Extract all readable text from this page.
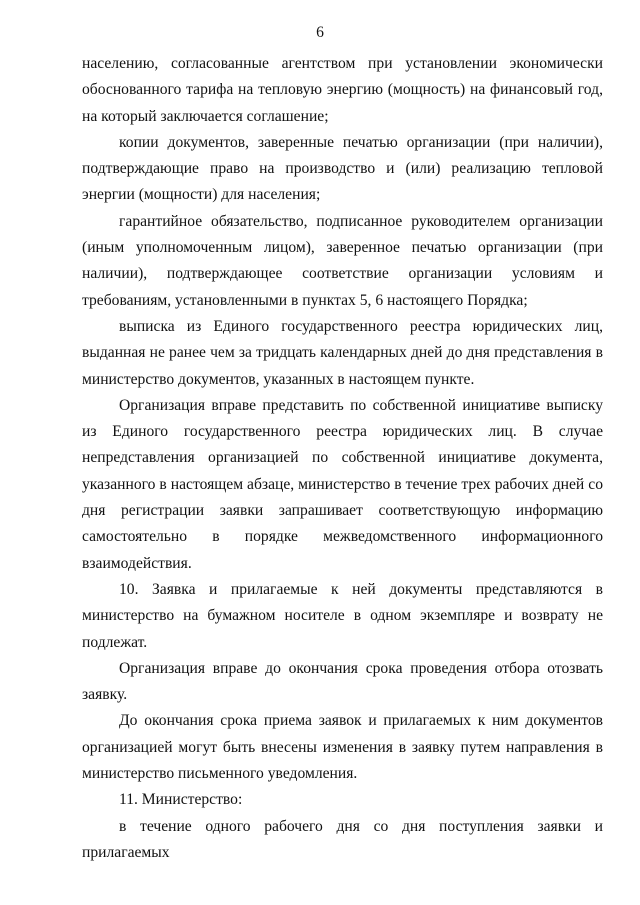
6

населению, согласованные агентством при установлении экономически обоснованного тарифа на тепловую энергию (мощность) на финансовый год, на который заключается соглашение;

копии документов, заверенные печатью организации (при наличии), подтверждающие право на производство и (или) реализацию тепловой энергии (мощности) для населения;

гарантийное обязательство, подписанное руководителем организации (иным уполномоченным лицом), заверенное печатью организации (при наличии), подтверждающее соответствие организации условиям и требованиям, установленными в пунктах 5, 6 настоящего Порядка;

выписка из Единого государственного реестра юридических лиц, выданная не ранее чем за тридцать календарных дней до дня представления в министерство документов, указанных в настоящем пункте.

Организация вправе представить по собственной инициативе выписку из Единого государственного реестра юридических лиц. В случае непредставления организацией по собственной инициативе документа, указанного в настоящем абзаце, министерство в течение трех рабочих дней со дня регистрации заявки запрашивает соответствующую информацию самостоятельно в порядке межведомственного информационного взаимодействия.

10. Заявка и прилагаемые к ней документы представляются в министерство на бумажном носителе в одном экземпляре и возврату не подлежат.

Организация вправе до окончания срока проведения отбора отозвать заявку.

До окончания срока приема заявок и прилагаемых к ним документов организацией могут быть внесены изменения в заявку путем направления в министерство письменного уведомления.

11. Министерство:

в течение одного рабочего дня со дня поступления заявки и прилагаемых
